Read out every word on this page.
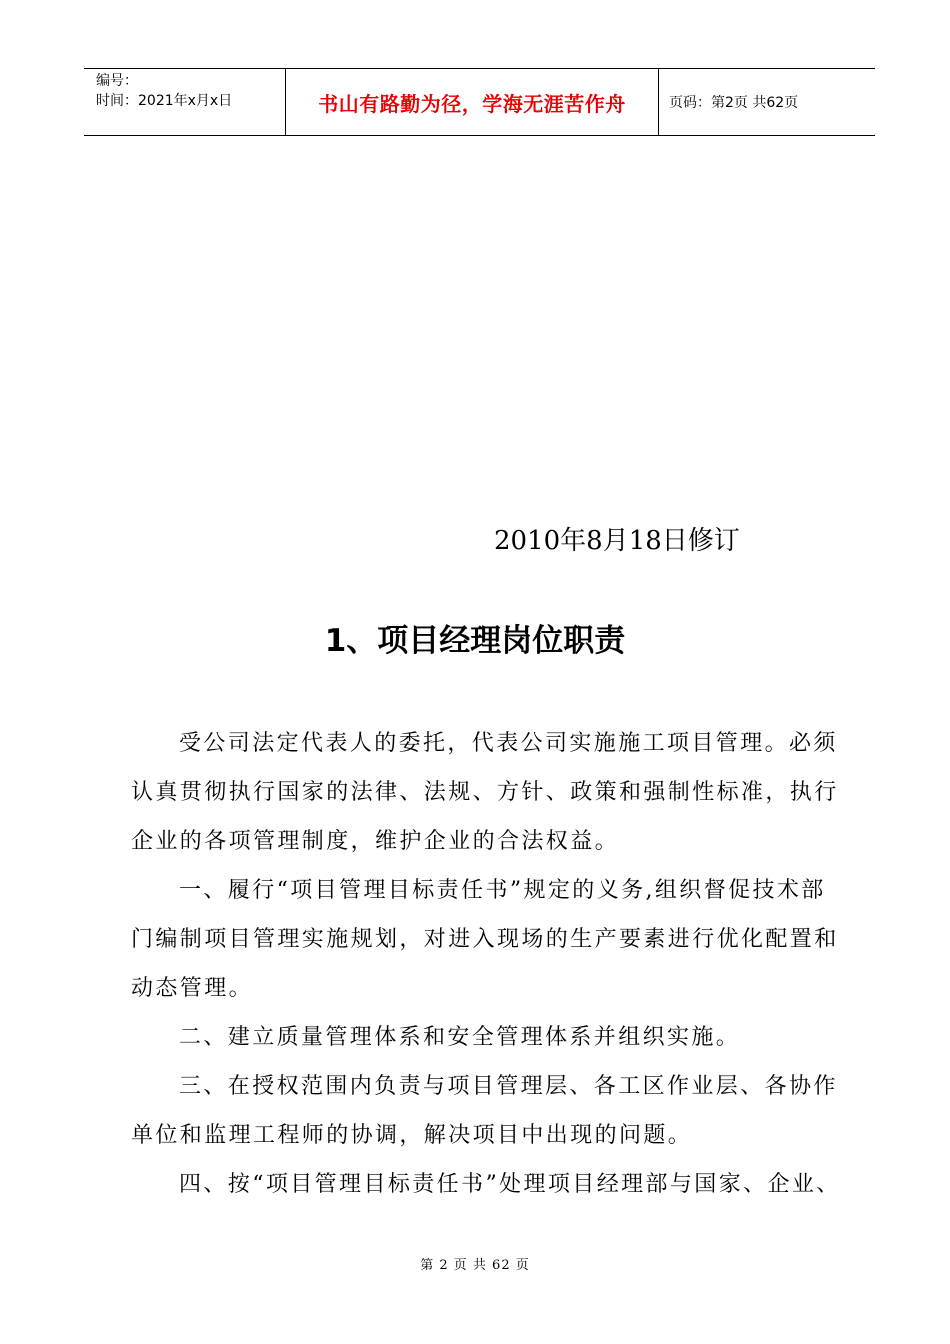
编号：
时间：2021年x月x日	书山有路勤为径，学海无涯苦作舟	页码：第2页 共62页
2010年8月18日修订
1、项目经理岗位职责

受公司法定代表人的委托，代表公司实施施工项目管理。必须认真贯彻执行国家的法律、法规、方针、政策和强制性标准，执行企业的各项管理制度，维护企业的合法权益。

一、履行“项目管理目标责任书”规定的义务,组织督促技术部门编制项目管理实施规划，对进入现场的生产要素进行优化配置和动态管理。

二、建立质量管理体系和安全管理体系并组织实施。

三、在授权范围内负责与项目管理层、各工区作业层、各协作单位和监理工程师的协调，解决项目中出现的问题。

四、按“项目管理目标责任书”处理项目经理部与国家、企业、

第 2 页 共 62 页
